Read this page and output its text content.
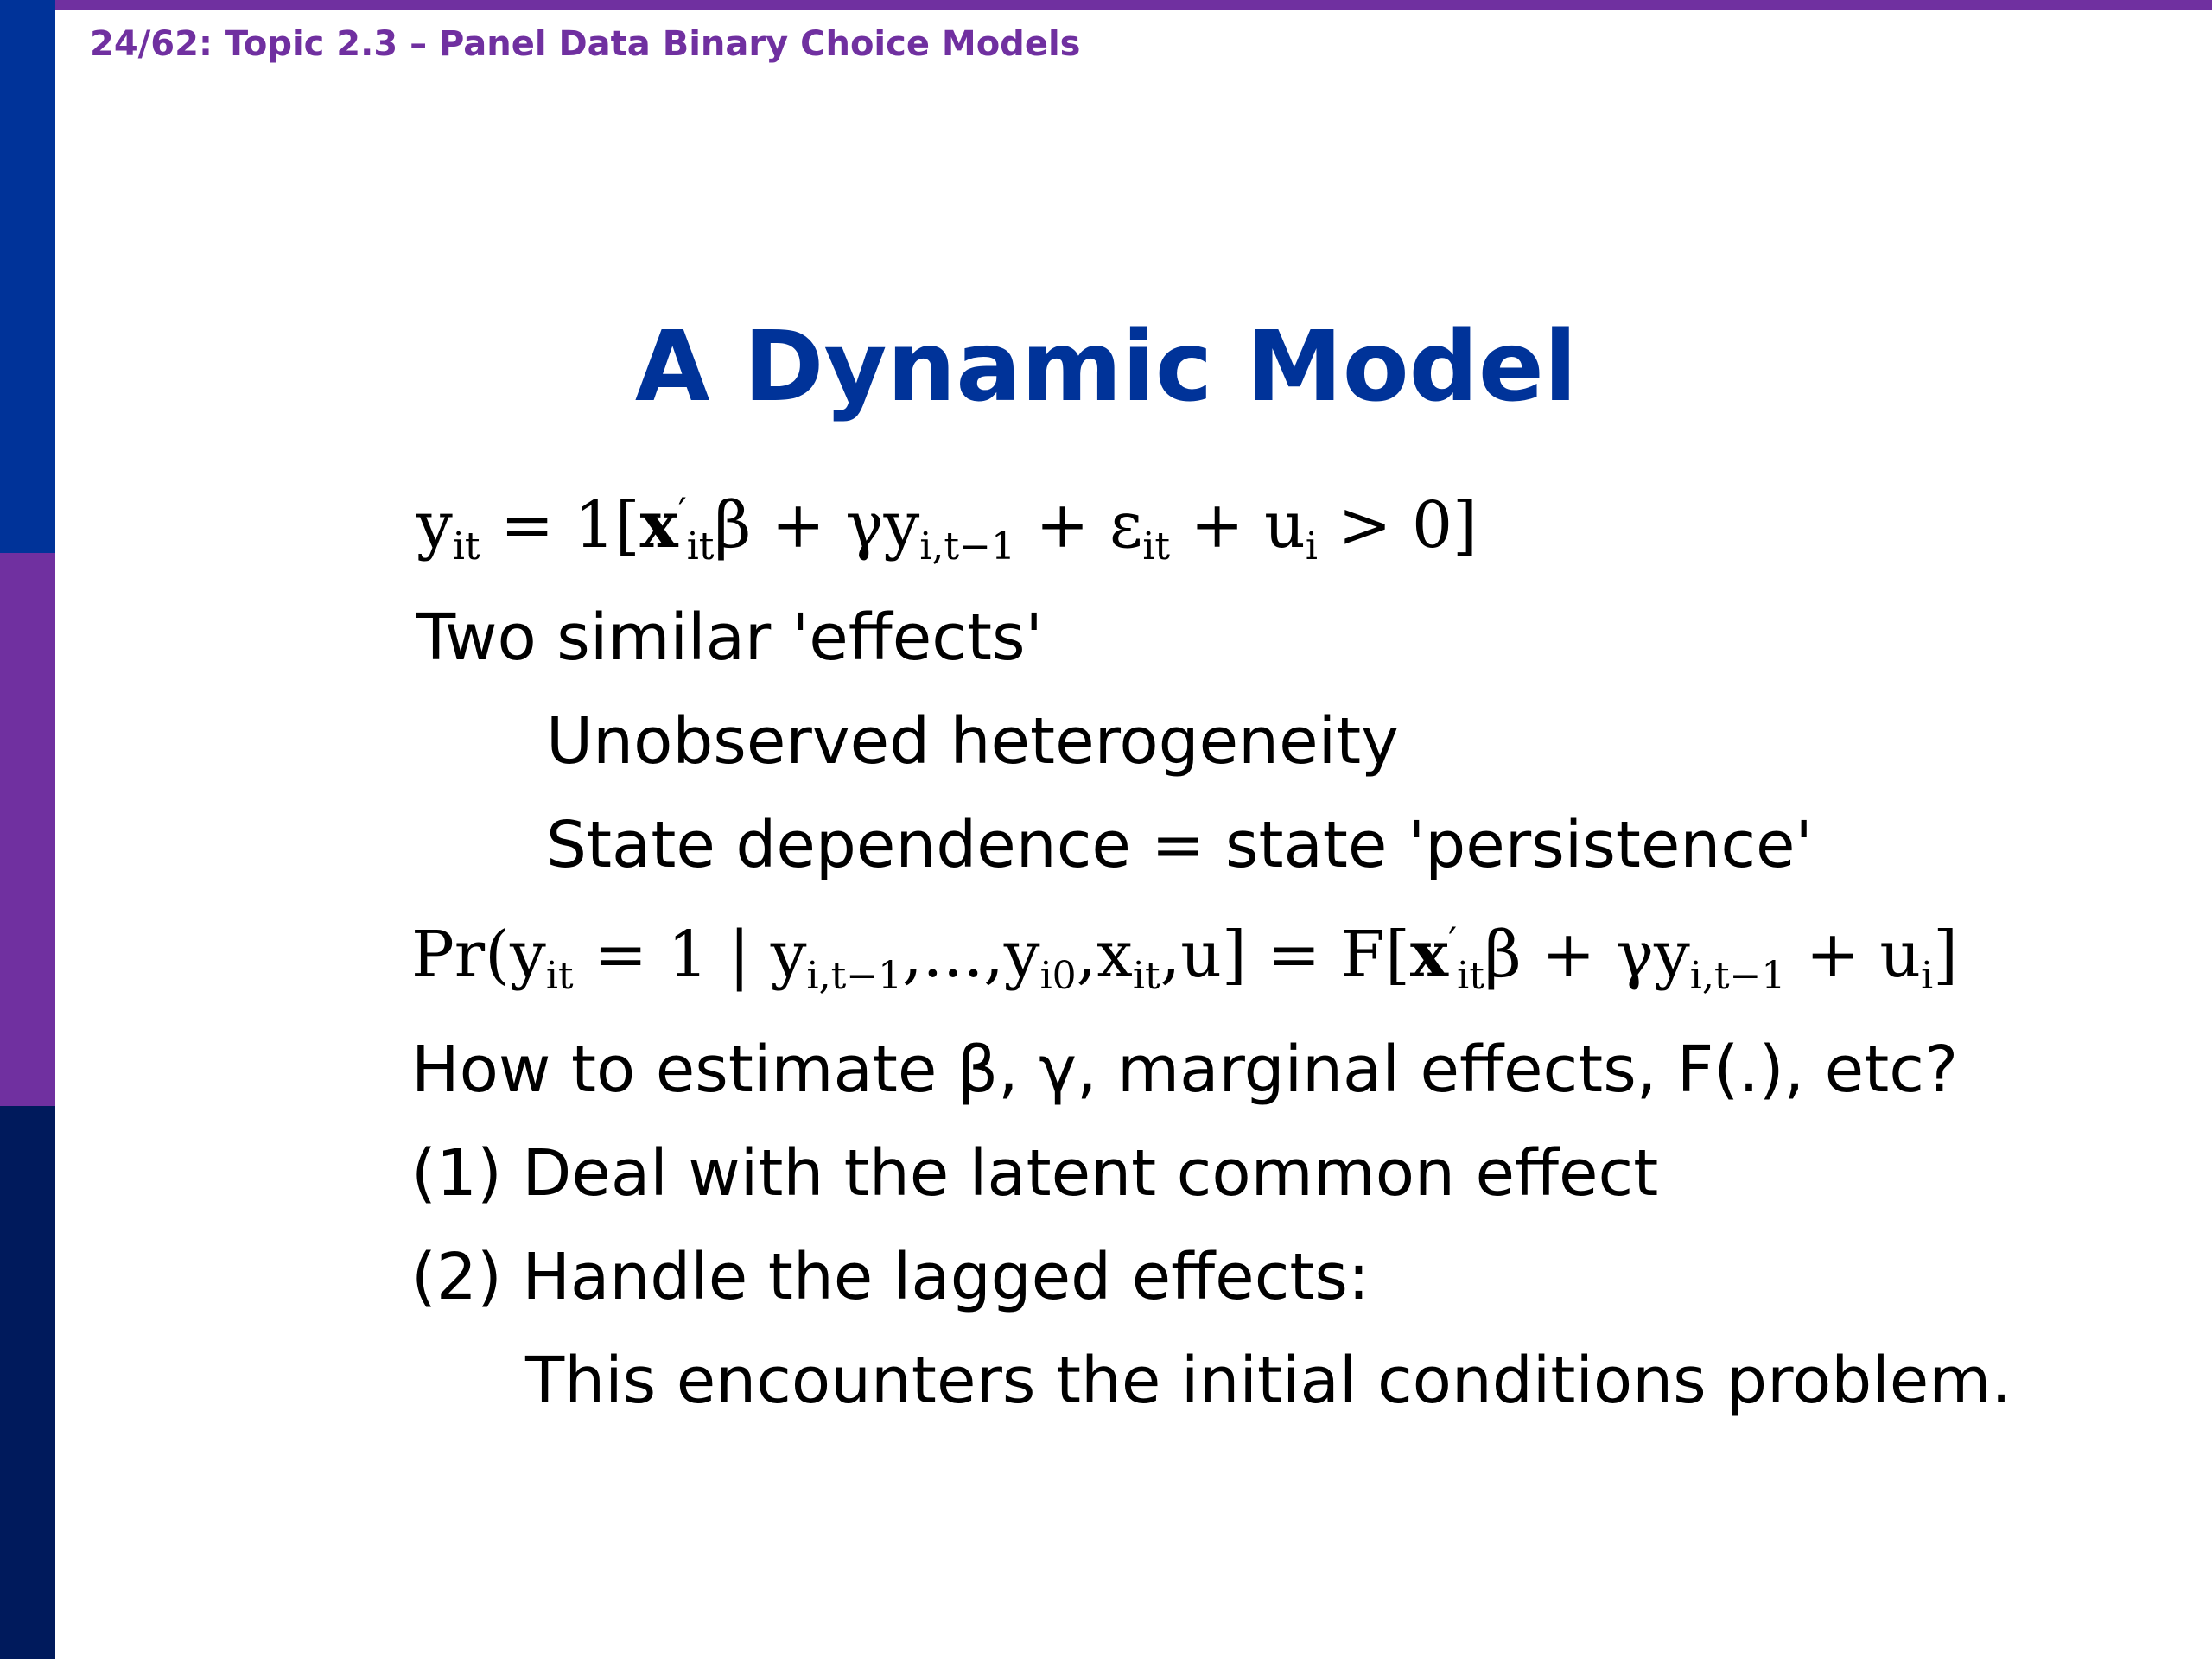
24/62: Topic 2.3 – Panel Data Binary Choice Models
A Dynamic Model
$y_{it} = 1[x'_{it}\beta + \gamma y_{i,t-1} + \varepsilon_{it} + u_i > 0]$
Two similar 'effects'
Unobserved heterogeneity
State dependence = state 'persistence'
$Pr(y_{it} = 1$ | $y_{i,t-1},...,y_{i0},x_{it},u] = F[x'_{it}\beta + \gamma y_{i,t-1} + u_i]$
How to estimate β, γ, marginal effects, F(.), etc?
(1) Deal with the latent common effect
(2) Handle the lagged effects:
This encounters the initial conditions problem.
